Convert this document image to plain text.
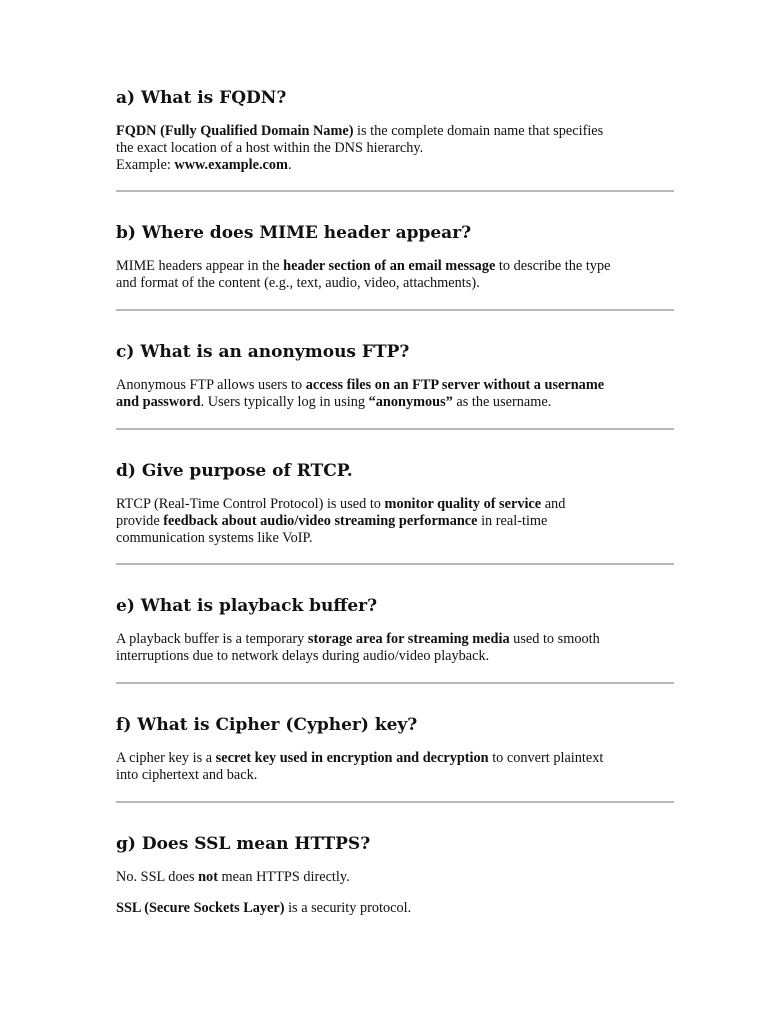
a) What is FQDN?

FQDN (Fully Qualified Domain Name) is the complete domain name that specifies
the exact location of a host within the DNS hierarchy.
Example: www.example.com.

b) Where does MIME header appear?

MIME headers appear in the header section of an email message to describe the type
and format of the content (e.g., text, audio, video, attachments).

c) What is an anonymous FTP?

Anonymous FTP allows users to access files on an FTP server without a username
and password. Users typically log in using “anonymous” as the username.

d) Give purpose of RTCP.

RTCP (Real-Time Control Protocol) is used to monitor quality of service and
provide feedback about audio/video streaming performance in real-time
communication systems like VoIP.

e) What is playback buffer?

A playback buffer is a temporary storage area for streaming media used to smooth
interruptions due to network delays during audio/video playback.

f) What is Cipher (Cypher) key?

A cipher key is a secret key used in encryption and decryption to convert plaintext
into ciphertext and back.

g) Does SSL mean HTTPS?

No. SSL does not mean HTTPS directly.

SSL (Secure Sockets Layer) is a security protocol.
